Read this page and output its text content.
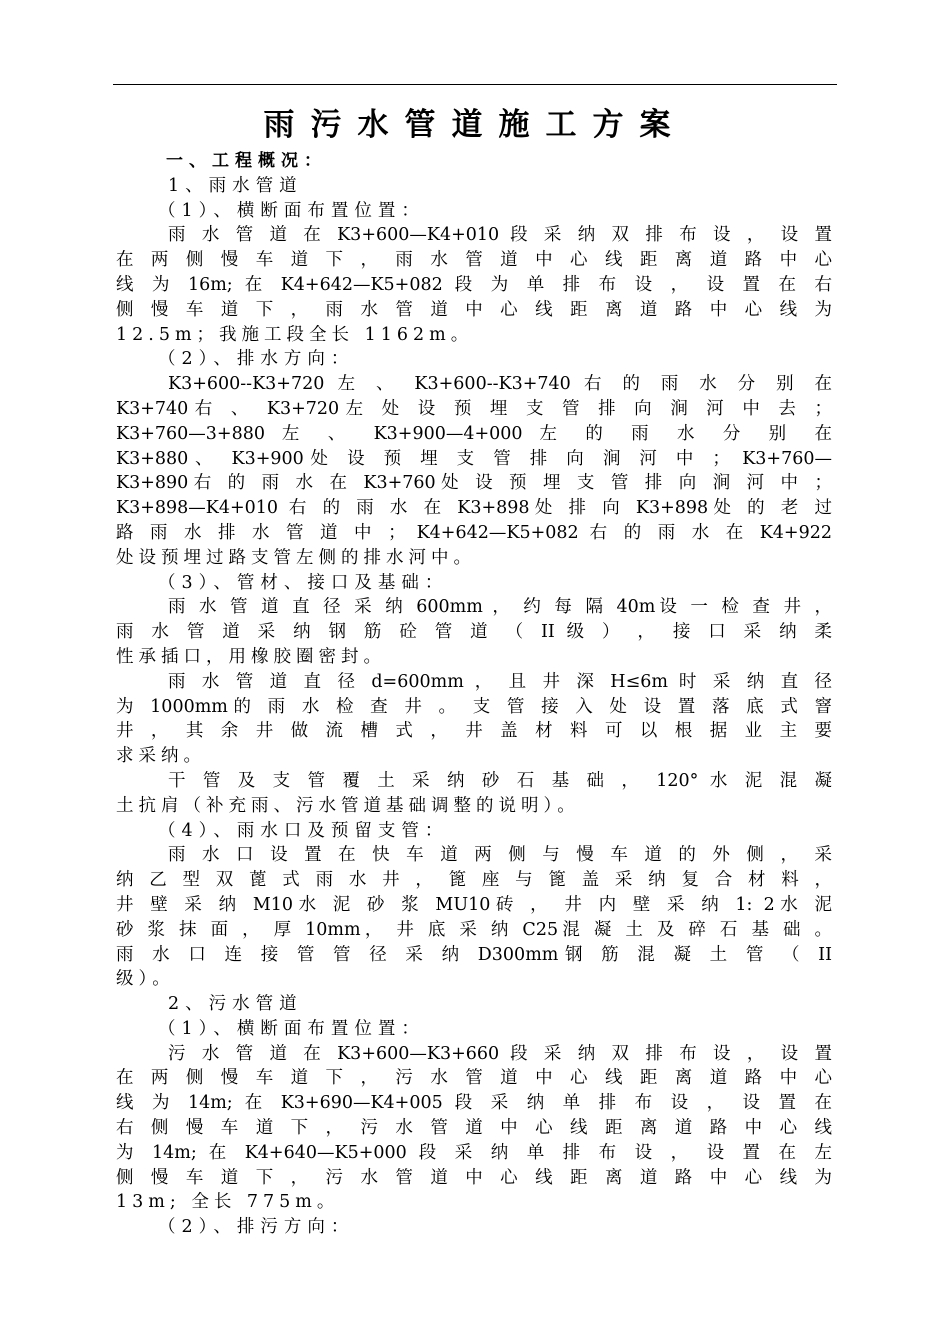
雨污水管道施工方案
一、工程概况：
1、雨水管道
（1）、横断面布置位置：
雨 水 管 道 在 K3+600—K4+010 段 采 纳 双 排 布 设 ， 设 置
在 两 侧 慢 车 道 下 ， 雨 水 管 道 中 心 线 距 离 道 路 中 心
线 为 16m; 在 K4+642—K5+082 段 为 单 排 布 设 ， 设 置 在 右
侧 慢 车 道 下 ， 雨 水 管 道 中 心 线 距 离 道 路 中 心 线 为
12.5m；我施工段全长 1162m。
（2）、排水方向：
K3+600--K3+720 左 、 K3+600--K3+740 右 的 雨 水 分 别 在
K3+740右 、 K3+720左 处 设 预 埋 支 管 排 向 涧 河 中 去 ；
K3+760—3+880 左 、 K3+900—4+000 左 的 雨 水 分 别 在
K3+880、 K3+900处 设 预 埋 支 管 排 向 涧 河 中 ； K3+760—
K3+890右 的 雨 水 在 K3+760处 设 预 埋 支 管 排 向 涧 河 中 ；
K3+898—K4+010 右 的 雨 水 在 K3+898处 排 向 K3+898处 的 老 过
路 雨 水 排 水 管 道 中 ； K4+642—K5+082 右 的 雨 水 在 K4+922
处设预埋过路支管左侧的排水河中。
（3）、管材、接口及基础：
雨 水 管 道 直 径 采 纳 600mm ， 约 每 隔 40m设 一 检 查 井 ，
雨 水 管 道 采 纳 钢 筋 砼 管 道 （ II 级 ） ， 接 口 采 纳 柔
性承插口，用橡胶圈密封。
雨 水 管 道 直 径 d=600mm ， 且 井 深 H≤6m 时 采 纳 直 径
为 1000mm的 雨 水 检 查 井 。 支 管 接 入 处 设 置 落 底 式 窨
井 ， 其 余 井 做 流 槽 式 ， 井 盖 材 料 可 以 根 据 业 主 要
求采纳。
干 管 及 支 管 覆 土 采 纳 砂 石 基 础 ， 120° 水 泥 混 凝
土抗肩（补充雨、污水管道基础调整的说明）。
（4）、雨水口及预留支管：
雨 水 口 设 置 在 快 车 道 两 侧 与 慢 车 道 的 外 侧 ， 采
纳 乙 型 双 蓖 式 雨 水 井 ， 篦 座 与 篦 盖 采 纳 复 合 材 料 ，
井 壁 采 纳 M10水 泥 砂 浆 MU10砖 ， 井 内 壁 采 纳 1: 2水 泥
砂 浆 抹 面 ， 厚 10mm， 井 底 采 纳 C25混 凝 土 及 碎 石 基 础 。
雨 水 口 连 接 管 管 径 采 纳 D300mm钢 筋 混 凝 土 管 （ II
级）。
2、污水管道
（1）、横断面布置位置：
污 水 管 道 在 K3+600—K3+660 段 采 纳 双 排 布 设 ， 设 置
在 两 侧 慢 车 道 下 ， 污 水 管 道 中 心 线 距 离 道 路 中 心
线 为 14m; 在 K3+690—K4+005 段 采 纳 单 排 布 设 ， 设 置 在
右 侧 慢 车 道 下 ， 污 水 管 道 中 心 线 距 离 道 路 中 心 线
为 14m; 在 K4+640—K5+000 段 采 纳 单 排 布 设 ， 设 置 在 左
侧 慢 车 道 下 ， 污 水 管 道 中 心 线 距 离 道 路 中 心 线 为
13m; 全长 775m。
（2）、排污方向：
